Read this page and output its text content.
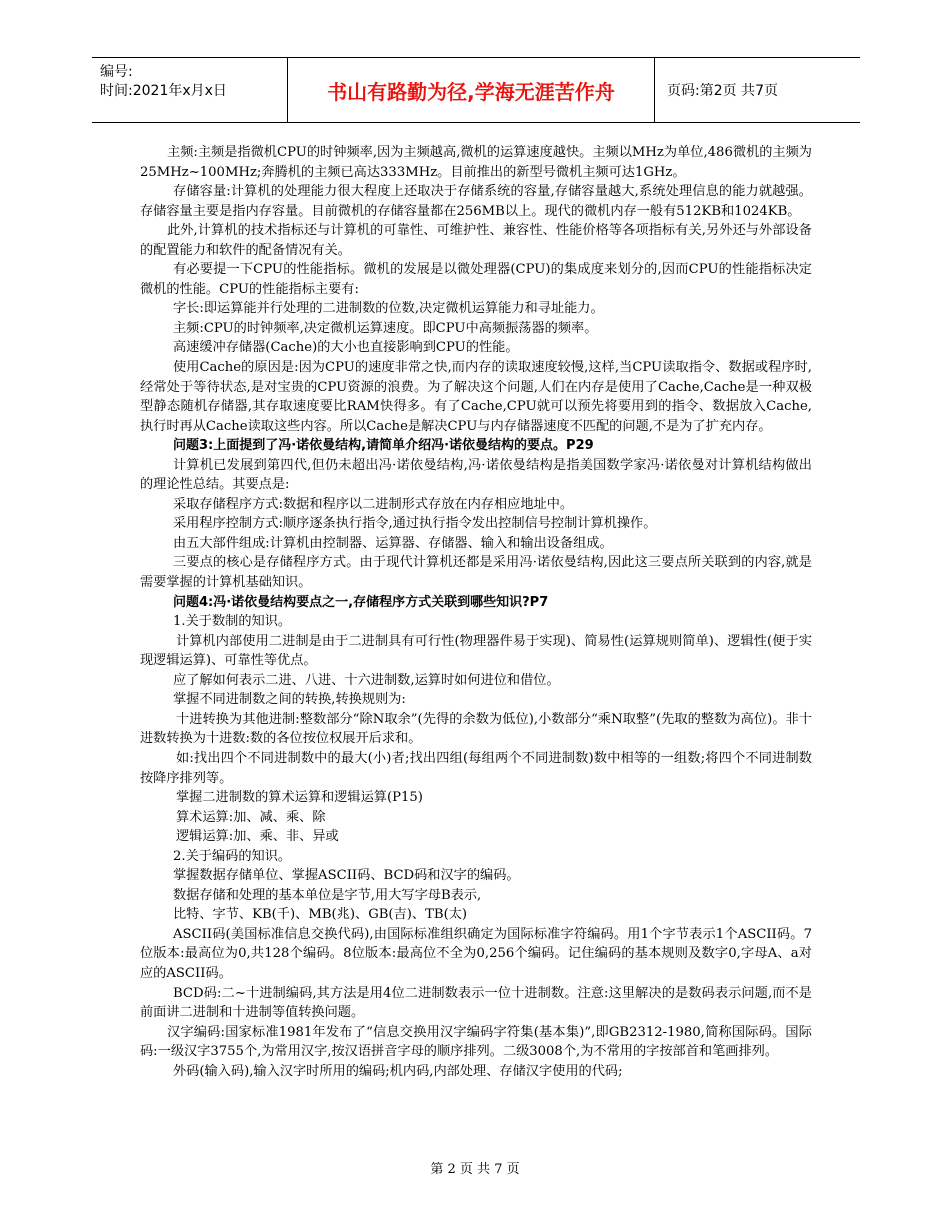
编号:
时间:2021年x月x日	书山有路勤为径,学海无涯苦作舟	页码:第2页 共7页

主频:主频是指微机CPU的时钟频率,因为主频越高,微机的运算速度越快。主频以MHz为单位,486微机的主频为25MHz~100MHz;奔腾机的主频已高达333MHz。目前推出的新型号微机主频可达1GHz。

存储容量:计算机的处理能力很大程度上还取决于存储系统的容量,存储容量越大,系统处理信息的能力就越强。存储容量主要是指内存容量。目前微机的存储容量都在256MB以上。现代的微机内存一般有512KB和1024KB。

此外,计算机的技术指标还与计算机的可靠性、可维护性、兼容性、性能价格等各项指标有关,另外还与外部设备的配置能力和软件的配备情况有关。

有必要提一下CPU的性能指标。微机的发展是以微处理器(CPU)的集成度来划分的,因而CPU的性能指标决定微机的性能。CPU的性能指标主要有:

字长:即运算能并行处理的二进制数的位数,决定微机运算能力和寻址能力。

主频:CPU的时钟频率,决定微机运算速度。即CPU中高频振荡器的频率。

高速缓冲存储器(Cache)的大小也直接影响到CPU的性能。

使用Cache的原因是:因为CPU的速度非常之快,而内存的读取速度较慢,这样,当CPU读取指令、数据或程序时,经常处于等待状态,是对宝贵的CPU资源的浪费。为了解决这个问题,人们在内存是使用了Cache,Cache是一种双极型静态随机存储器,其存取速度要比RAM快得多。有了Cache,CPU就可以预先将要用到的指令、数据放入Cache,执行时再从Cache读取这些内容。所以Cache是解决CPU与内存储器速度不匹配的问题,不是为了扩充内存。

问题3:上面提到了冯·诺依曼结构,请简单介绍冯·诺依曼结构的要点。P29

计算机已发展到第四代,但仍未超出冯·诺依曼结构,冯·诺依曼结构是指美国数学家冯·诺依曼对计算机结构做出的理论性总结。其要点是:

采取存储程序方式:数据和程序以二进制形式存放在内存相应地址中。

采用程序控制方式:顺序逐条执行指令,通过执行指令发出控制信号控制计算机操作。

由五大部件组成:计算机由控制器、运算器、存储器、输入和输出设备组成。

三要点的核心是存储程序方式。由于现代计算机还都是采用冯·诺依曼结构,因此这三要点所关联到的内容,就是需要掌握的计算机基础知识。

问题4:冯·诺依曼结构要点之一,存储程序方式关联到哪些知识?P7

1.关于数制的知识。

计算机内部使用二进制是由于二进制具有可行性(物理器件易于实现)、简易性(运算规则简单)、逻辑性(便于实现逻辑运算)、可靠性等优点。

应了解如何表示二进、八进、十六进制数,运算时如何进位和借位。

掌握不同进制数之间的转换,转换规则为:

十进转换为其他进制:整数部分“除N取余”(先得的余数为低位),小数部分“乘N取整”(先取的整数为高位)。非十进数转换为十进数:数的各位按位权展开后求和。

如:找出四个不同进制数中的最大(小)者;找出四组(每组两个不同进制数)数中相等的一组数;将四个不同进制数按降序排列等。

掌握二进制数的算术运算和逻辑运算(P15)

算术运算:加、减、乘、除

逻辑运算:加、乘、非、异或

2.关于编码的知识。

掌握数据存储单位、掌握ASCII码、BCD码和汉字的编码。

数据存储和处理的基本单位是字节,用大写字母B表示,

比特、字节、KB(千)、MB(兆)、GB(吉)、TB(太)

ASCII码(美国标准信息交换代码),由国际标准组织确定为国际标准字符编码。用1个字节表示1个ASCII码。7位版本:最高位为0,共128个编码。8位版本:最高位不全为0,256个编码。记住编码的基本规则及数字0,字母A、a对应的ASCII码。

BCD码:二~十进制编码,其方法是用4位二进制数表示一位十进制数。注意:这里解决的是数码表示问题,而不是前面讲二进制和十进制等值转换问题。

汉字编码:国家标准1981年发布了“信息交换用汉字编码字符集(基本集)”,即GB2312-1980,简称国际码。国际码:一级汉字3755个,为常用汉字,按汉语拼音字母的顺序排列。二级3008个,为不常用的字按部首和笔画排列。

外码(输入码),输入汉字时所用的编码;机内码,内部处理、存储汉字使用的代码;

第 2 页 共 7 页
